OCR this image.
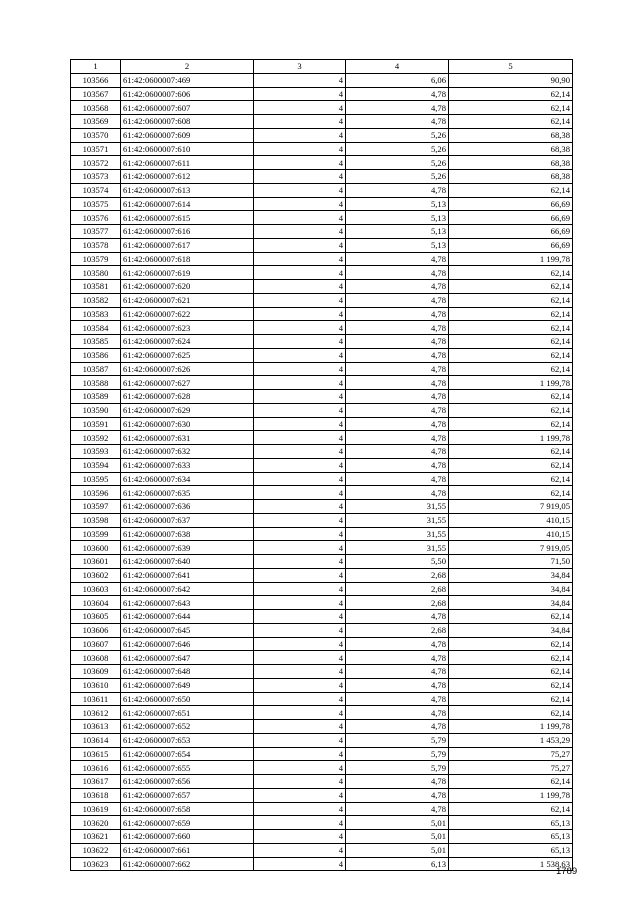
1	2	3	4	5
103566	61:42:0600007:469	4	6,06	90,90
103567	61:42:0600007:606	4	4,78	62,14
103568	61:42:0600007:607	4	4,78	62,14
103569	61:42:0600007:608	4	4,78	62,14
103570	61:42:0600007:609	4	5,26	68,38
103571	61:42:0600007:610	4	5,26	68,38
103572	61:42:0600007:611	4	5,26	68,38
103573	61:42:0600007:612	4	5,26	68,38
103574	61:42:0600007:613	4	4,78	62,14
103575	61:42:0600007:614	4	5,13	66,69
103576	61:42:0600007:615	4	5,13	66,69
103577	61:42:0600007:616	4	5,13	66,69
103578	61:42:0600007:617	4	5,13	66,69
103579	61:42:0600007:618	4	4,78	1 199,78
103580	61:42:0600007:619	4	4,78	62,14
103581	61:42:0600007:620	4	4,78	62,14
103582	61:42:0600007:621	4	4,78	62,14
103583	61:42:0600007:622	4	4,78	62,14
103584	61:42:0600007:623	4	4,78	62,14
103585	61:42:0600007:624	4	4,78	62,14
103586	61:42:0600007:625	4	4,78	62,14
103587	61:42:0600007:626	4	4,78	62,14
103588	61:42:0600007:627	4	4,78	1 199,78
103589	61:42:0600007:628	4	4,78	62,14
103590	61:42:0600007:629	4	4,78	62,14
103591	61:42:0600007:630	4	4,78	62,14
103592	61:42:0600007:631	4	4,78	1 199,78
103593	61:42:0600007:632	4	4,78	62,14
103594	61:42:0600007:633	4	4,78	62,14
103595	61:42:0600007:634	4	4,78	62,14
103596	61:42:0600007:635	4	4,78	62,14
103597	61:42:0600007:636	4	31,55	7 919,05
103598	61:42:0600007:637	4	31,55	410,15
103599	61:42:0600007:638	4	31,55	410,15
103600	61:42:0600007:639	4	31,55	7 919,05
103601	61:42:0600007:640	4	5,50	71,50
103602	61:42:0600007:641	4	2,68	34,84
103603	61:42:0600007:642	4	2,68	34,84
103604	61:42:0600007:643	4	2,68	34,84
103605	61:42:0600007:644	4	4,78	62,14
103606	61:42:0600007:645	4	2,68	34,84
103607	61:42:0600007:646	4	4,78	62,14
103608	61:42:0600007:647	4	4,78	62,14
103609	61:42:0600007:648	4	4,78	62,14
103610	61:42:0600007:649	4	4,78	62,14
103611	61:42:0600007:650	4	4,78	62,14
103612	61:42:0600007:651	4	4,78	62,14
103613	61:42:0600007:652	4	4,78	1 199,78
103614	61:42:0600007:653	4	5,79	1 453,29
103615	61:42:0600007:654	4	5,79	75,27
103616	61:42:0600007:655	4	5,79	75,27
103617	61:42:0600007:656	4	4,78	62,14
103618	61:42:0600007:657	4	4,78	1 199,78
103619	61:42:0600007:658	4	4,78	62,14
103620	61:42:0600007:659	4	5,01	65,13
103621	61:42:0600007:660	4	5,01	65,13
103622	61:42:0600007:661	4	5,01	65,13
103623	61:42:0600007:662	4	6,13	1 538,63
1789
